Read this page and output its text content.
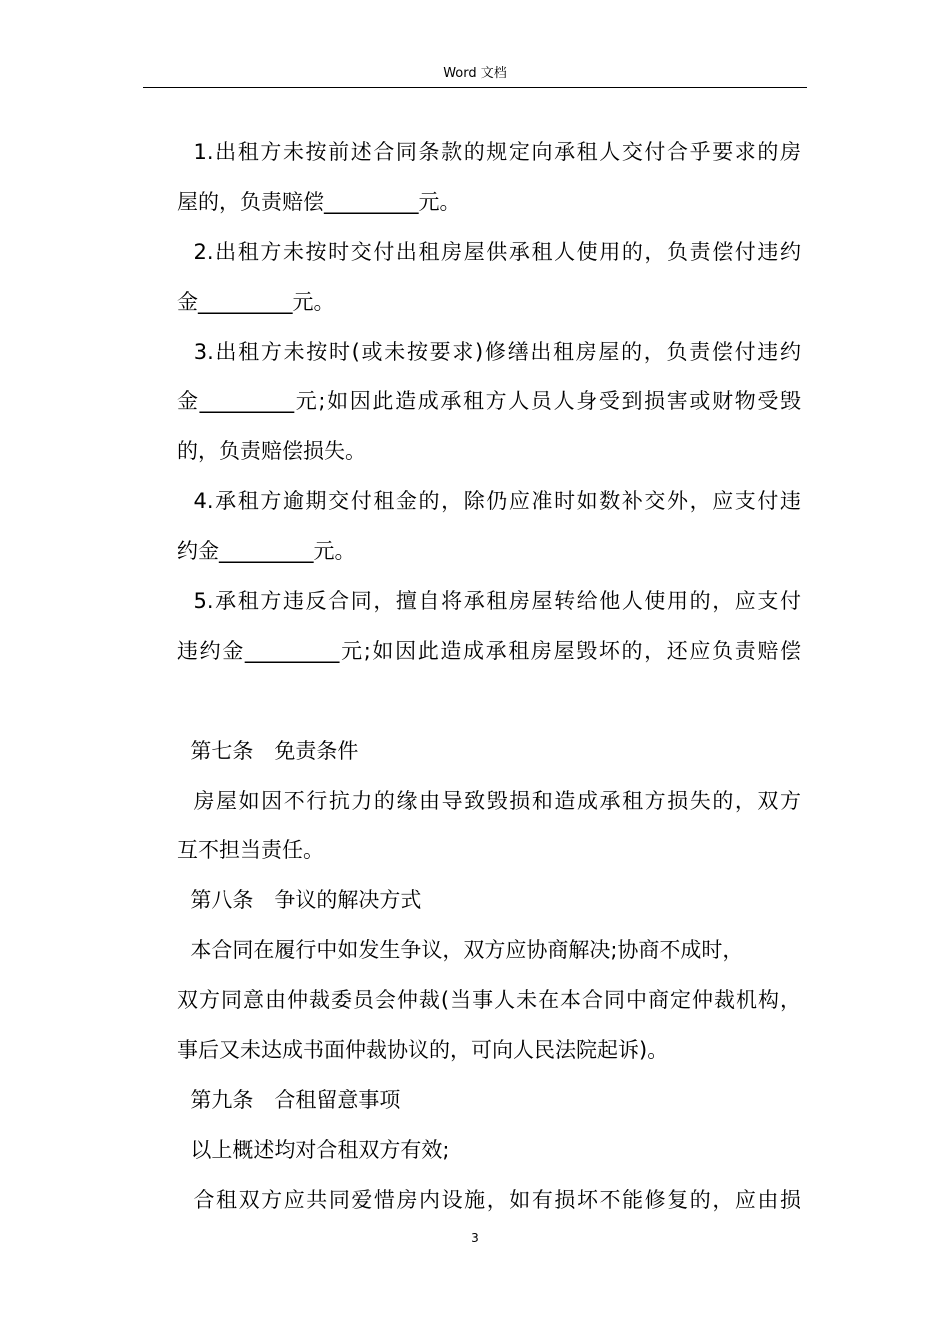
Word 文档
1.出租方未按前述合同条款的规定向承租人交付合乎要求的房
屋的，负责赔偿_________元。
2.出租方未按时交付出租房屋供承租人使用的，负责偿付违约
金_________元。
3.出租方未按时(或未按要求)修缮出租房屋的，负责偿付违约
金_________元;如因此造成承租方人员人身受到损害或财物受毁
的，负责赔偿损失。
4.承租方逾期交付租金的，除仍应准时如数补交外，应支付违
约金_________元。
5.承租方违反合同，擅自将承租房屋转给他人使用的，应支付
违约金_________元;如因此造成承租房屋毁坏的，还应负责赔偿
第七条　免责条件
房屋如因不行抗力的缘由导致毁损和造成承租方损失的，双方
互不担当责任。
第八条　争议的解决方式
本合同在履行中如发生争议，双方应协商解决;协商不成时，
双方同意由仲裁委员会仲裁(当事人未在本合同中商定仲裁机构，
事后又未达成书面仲裁协议的，可向人民法院起诉)。
第九条　合租留意事项
以上概述均对合租双方有效;
合租双方应共同爱惜房内设施，如有损坏不能修复的，应由损
3
